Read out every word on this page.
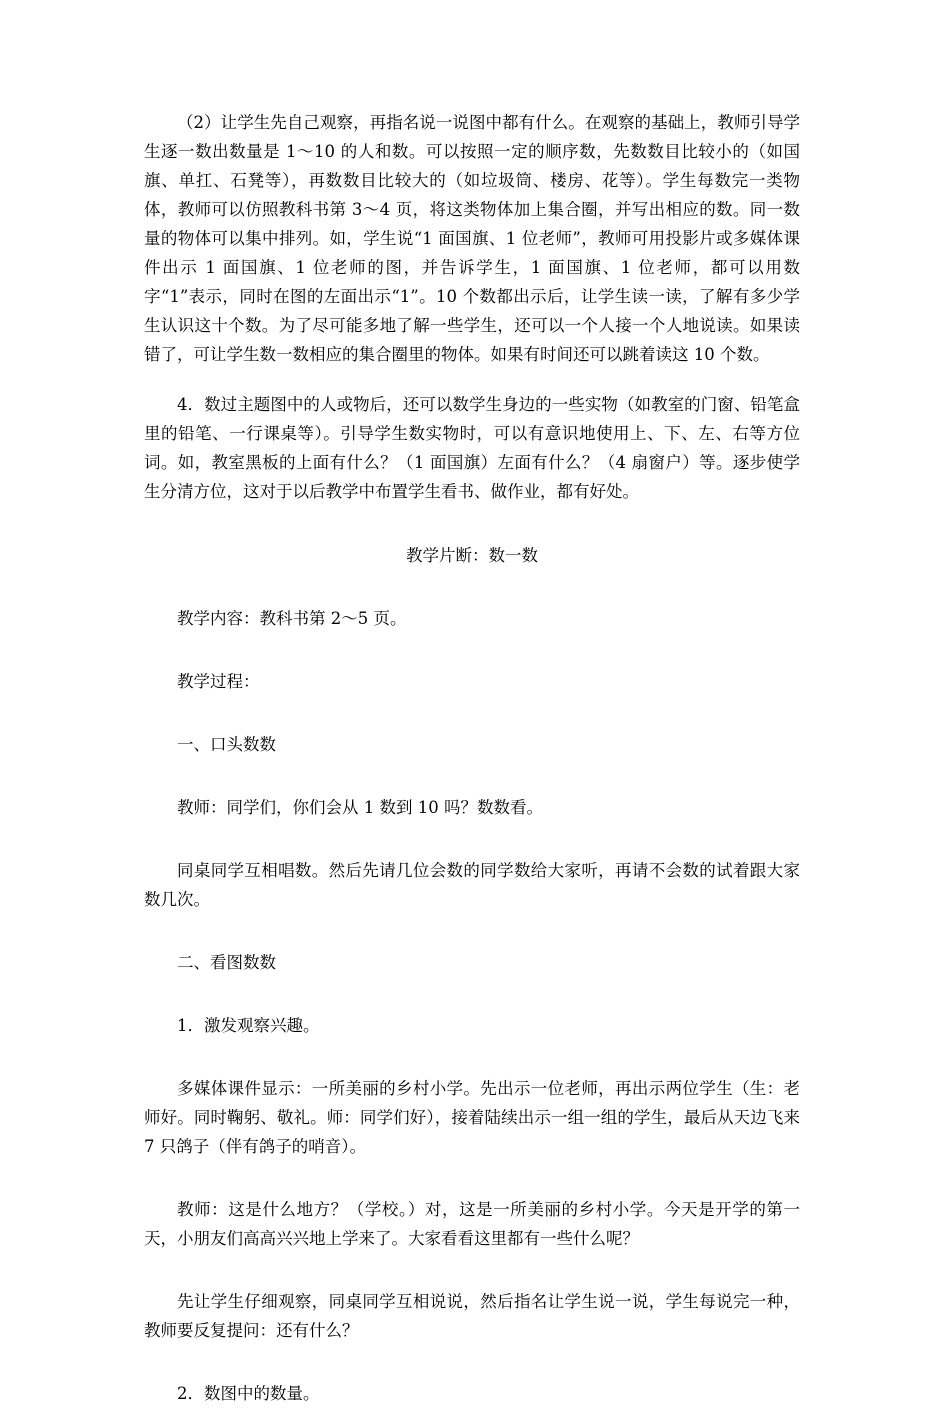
（2）让学生先自己观察，再指名说一说图中都有什么。在观察的基础上，教师引导学生逐一数出数量是 1～10 的人和数。可以按照一定的顺序数，先数数目比较小的（如国旗、单扛、石凳等），再数数目比较大的（如垃圾筒、楼房、花等）。学生每数完一类物体，教师可以仿照教科书第 3～4 页，将这类物体加上集合圈，并写出相应的数。同一数量的物体可以集中排列。如，学生说“1 面国旗、1 位老师”，教师可用投影片或多媒体课件出示 1 面国旗、1 位老师的图，并告诉学生，1 面国旗、1 位老师，都可以用数字“1”表示，同时在图的左面出示“1”。10 个数都出示后，让学生读一读，了解有多少学生认识这十个数。为了尽可能多地了解一些学生，还可以一个人接一个人地说读。如果读错了，可让学生数一数相应的集合圈里的物体。如果有时间还可以跳着读这 10 个数。

4．数过主题图中的人或物后，还可以数学生身边的一些实物（如教室的门窗、铅笔盒里的铅笔、一行课桌等）。引导学生数实物时，可以有意识地使用上、下、左、右等方位词。如，教室黑板的上面有什么？（1 面国旗）左面有什么？（4 扇窗户）等。逐步使学生分清方位，这对于以后教学中布置学生看书、做作业，都有好处。

教学片断：数一数

教学内容：教科书第 2～5 页。

教学过程：

一、口头数数

教师：同学们，你们会从 1 数到 10 吗？数数看。

同桌同学互相唱数。然后先请几位会数的同学数给大家听，再请不会数的试着跟大家数几次。

二、看图数数

1．激发观察兴趣。

多媒体课件显示：一所美丽的乡村小学。先出示一位老师，再出示两位学生（生：老师好。同时鞠躬、敬礼。师：同学们好），接着陆续出示一组一组的学生，最后从天边飞来 7 只鸽子（伴有鸽子的哨音）。

教师：这是什么地方？（学校。）对，这是一所美丽的乡村小学。今天是开学的第一天，小朋友们高高兴兴地上学来了。大家看看这里都有一些什么呢？

先让学生仔细观察，同桌同学互相说说，然后指名让学生说一说，学生每说完一种，教师要反复提问：还有什么？

2．数图中的数量。
